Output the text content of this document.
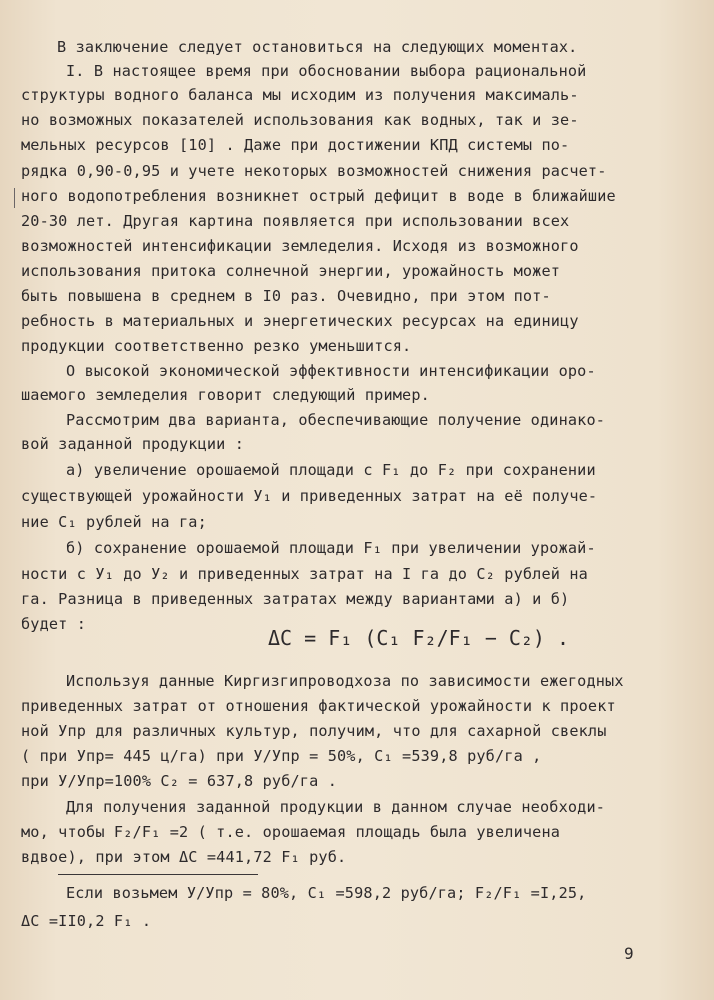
В заключение следует остановиться на следующих моментах.
I. В настоящее время при обосновании выбора рациональной
структуры водного баланса мы исходим из получения максималь-
но возможных показателей использования как водных, так и зе-
мельных ресурсов [10] . Даже при достижении КПД системы по-
рядка 0,90-0,95 и учете некоторых возможностей снижения расчет-
ного водопотребления возникнет острый дефицит в воде в ближайшие
20-30 лет. Другая картина появляется при использовании всех
возможностей интенсификации земледелия. Исходя из возможного
использования притока солнечной энергии, урожайность может
быть повышена в среднем в I0 раз. Очевидно, при этом пот-
ребность в материальных и энергетических ресурсах на единицу
продукции соответственно резко уменьшится.
О высокой экономической эффективности интенсификации оро-
шаемого земледелия говорит следующий пример.
Рассмотрим два варианта, обеспечивающие получение одинако-
вой заданной продукции :
а) увеличение орошаемой площади с F₁ до F₂ при сохранении
существующей урожайности У₁ и приведенных затрат на её получе-
ние C₁ рублей на га;
б) сохранение орошаемой площади F₁ при увеличении урожай-
ности с У₁ до У₂ и приведенных затрат на I га до C₂ рублей на
га. Разница в приведенных затратах между вариантами а) и б)
будет :
ΔC = F₁ (C₁ F₂/F₁ − C₂) .
Используя данные Киргизгипроводхоза по зависимости ежегодных
приведенных затрат от отношения фактической урожайности к проект
ной Упр для различных культур, получим, что для сахарной свеклы
( при Упр= 445 ц/га) при У/Упр = 50%, C₁ =539,8 руб/га ,
при У/Упр=100% C₂ = 637,8 руб/га .
Для получения заданной продукции в данном случае необходи-
мо, чтобы F₂/F₁ =2 ( т.е. орошаемая площадь была увеличена
вдвое), при этом ΔC =441,72 F₁ руб.
Если возьмем У/Упр = 80%, C₁ =598,2 руб/га; F₂/F₁ =I,25,
ΔC =II0,2 F₁ .
9
